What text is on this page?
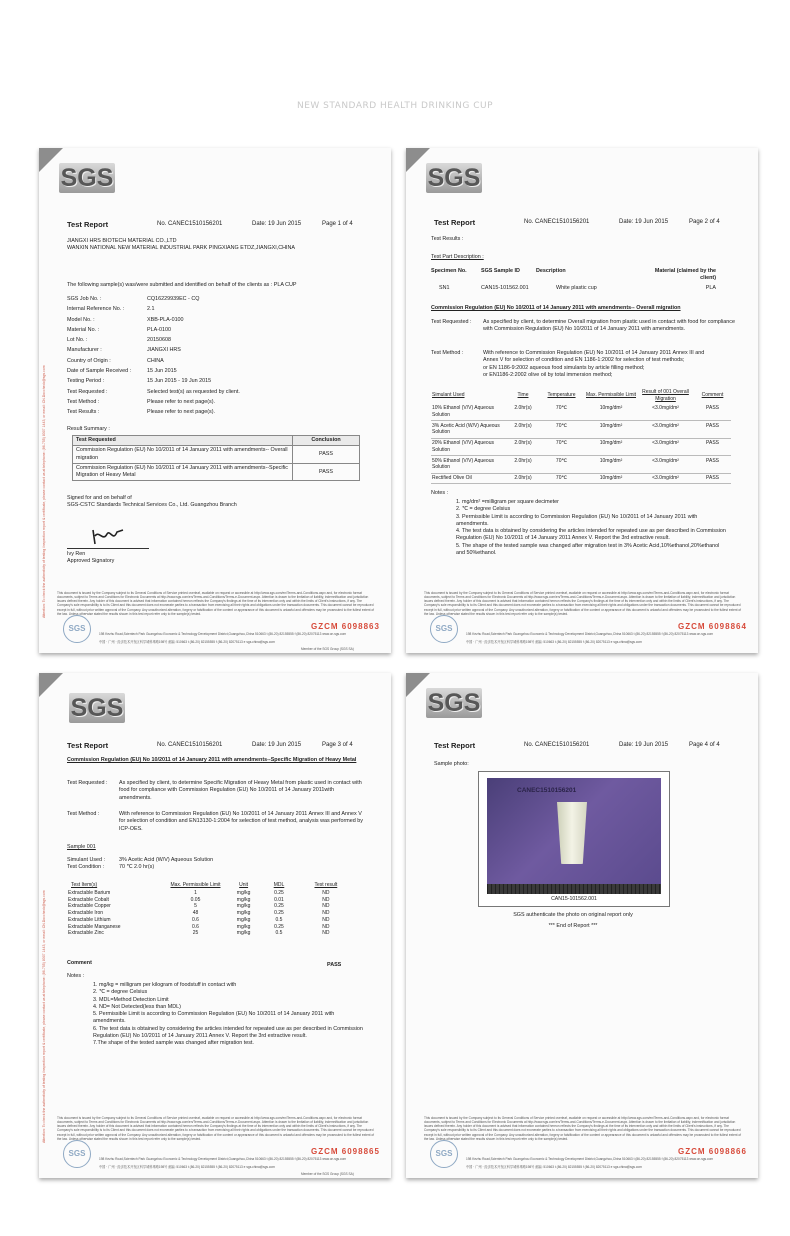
NEW STANDARD HEALTH DRINKING CUP
SGS
Attention: To check the authenticity of testing /inspection report & certificate, please contact us at telephone: (86-755) 8307 1443, or email: CN.Doccheck@sgs.com
Test Report	No. CANEC1510156201	Date: 19 Jun 2015	Page 1 of 4
JIANGXI HRS BIOTECH MATERIAL CO.,LTD
WANXIN NATIONAL NEW MATERIAL INDUSTRIAL PARK PINGXIANG ETDZ,JIANGXI,CHINA
The following sample(s) was/were submitted and identified on behalf of the clients as : PLA CUP
SGS Job No. :	CQ16229939EC - CQ
Internal Reference No. :	2.1
Model No. :	XBB-PLA-0100
Material No. :	PLA-0100
Lot No. :	20150608
Manufacturer :	JIANGXI HRS
Country of Origin :	CHINA
Date of Sample Received :	15 Jun 2015
Testing Period :	15 Jun 2015 - 19 Jun 2015
Test Requested :	Selected test(s) as requested by client.
Test Method :	Please refer to next page(s).
Test Results :	Please refer to next page(s).
Result Summary :
Test Requested	Conclusion
Commission Regulation (EU) No 10/2011 of 14 January 2011 with amendments-- Overall migration	PASS
Commission Regulation (EU) No 10/2011 of 14 January 2011 with amendments--Specific Migration of Heavy Metal	PASS
Signed for and on behalf of
SGS-CSTC Standards Technical Services Co., Ltd. Guangzhou Branch
Ivy Ren
Approved Signatory
This document is issued by the Company subject to its General Conditions of Service printed overleaf, available on request or accessible at http://www.sgs.com/en/Terms-and-Conditions.aspx and, for electronic format documents, subject to Terms and Conditions for Electronic Documents at http://www.sgs.com/en/Terms-and-Conditions/Terms-e-Document.aspx. Attention is drawn to the limitation of liability, indemnification and jurisdiction issues defined therein. Any holder of this document is advised that information contained hereon reflects the Company's findings at the time of its intervention only and within the limits of Client's instructions, if any. The Company's sole responsibility is to its Client and this document does not exonerate parties to a transaction from exercising all their rights and obligations under the transaction documents. This document cannot be reproduced except in full, without prior written approval of the Company. Any unauthorized alteration, forgery or falsification of the content or appearance of this document is unlawful and offenders may be prosecuted to the fullest extent of the law. Unless otherwise stated the results shown in this test report refer only to the sample(s) tested.
SGS	GZCM 6098863
198 Kezhu Road,Scientech Park Guangzhou Economic & Technology Development District,Guangzhou,China 510663 t (86-20) 82155555 f (86-20) 82075113 www.cn.sgs.com
中国 · 广州 · 经济技术开发区科学城科珠路198号 邮编: 510663 t (86-20) 82155555 f (86-20) 82075113 e sgs.china@sgs.com
Member of the SGS Group (SGS SA)
SGS
Test Report	No. CANEC1510156201	Date: 19 Jun 2015	Page 2 of 4
Test Results :
Test Part Description :
Specimen No.	SGS Sample ID	Description	Material (claimed by the client)
SN1	CAN15-101562.001	White plastic cup	PLA
Commission Regulation (EU) No 10/2011 of 14 January 2011 with amendments-- Overall migration
Test Requested :	As specified by client, to determine Overall migration from plastic used in contact with food for compliance with Commission Regulation (EU) No 10/2011 of 14 January 2011 with amendments.
Test Method :	With reference to Commission Regulation (EU) No 10/2011 of 14 January 2011 Annex III and
Annex V for selection of condition and EN 1186-1:2002 for selection of test methods;
or EN 1186-9:2002 aqueous food simulants by article filling method;
or EN1186-2:2002 olive oil by total immersion method;
Simulant Used	Time	Temperature	Max. Permissible Limit	Result of 001 Overall Migration	Comment
10% Ethanol (V/V) Aqueous Solution	2.0hr(s)	70℃	10mg/dm²	<3.0mg/dm²	PASS
3% Acetic Acid (W/V) Aqueous Solution	2.0hr(s)	70℃	10mg/dm²	<3.0mg/dm²	PASS
20% Ethanol (V/V) Aqueous Solution	2.0hr(s)	70℃	10mg/dm²	<3.0mg/dm²	PASS
50% Ethanol (V/V) Aqueous Solution	2.0hr(s)	70℃	10mg/dm²	<3.0mg/dm²	PASS
Rectified Olive Oil	2.0hr(s)	70℃	10mg/dm²	<3.0mg/dm²	PASS
Notes :
1. mg/dm² =milligram per square decimeter
2. ℃ = degree Celsius
3. Permissible Limit is according to Commission Regulation (EU) No 10/2011 of 14 January 2011 with amendments.
4. The test data is obtained by considering the articles intended for repeated use as per described in Commission Regulation (EU) No 10/2011 of 14 January 2011 Annex V. Report the 3rd extractive result.
5. The shape of the tested sample was changed after migration test in 3% Acetic Acid,10%ethanol,20%ethanol and 50%ethanol.
This document is issued by the Company subject to its General Conditions of Service printed overleaf, available on request or accessible at http://www.sgs.com/en/Terms-and-Conditions.aspx and, for electronic format documents, subject to Terms and Conditions for Electronic Documents at http://www.sgs.com/en/Terms-and-Conditions/Terms-e-Document.aspx. Attention is drawn to the limitation of liability, indemnification and jurisdiction issues defined therein. Any holder of this document is advised that information contained hereon reflects the Company's findings at the time of its intervention only and within the limits of Client's instructions, if any. The Company's sole responsibility is to its Client and this document does not exonerate parties to a transaction from exercising all their rights and obligations under the transaction documents. This document cannot be reproduced except in full, without prior written approval of the Company. Any unauthorized alteration, forgery or falsification of the content or appearance of this document is unlawful and offenders may be prosecuted to the fullest extent of the law. Unless otherwise stated the results shown in this test report refer only to the sample(s) tested.
SGS	GZCM 6098864
198 Kezhu Road,Scientech Park Guangzhou Economic & Technology Development District,Guangzhou,China 510663 t (86-20) 82155555 f (86-20) 82075113 www.cn.sgs.com
中国 · 广州 · 经济技术开发区科学城科珠路198号 邮编: 510663 t (86-20) 82155555 f (86-20) 82075113 e sgs.china@sgs.com
SGS
Attention: To check the authenticity of testing /inspection report & certificate, please contact us at telephone: (86-755) 8307 1443, or email: CN.Doccheck@sgs.com
Test Report	No. CANEC1510156201	Date: 19 Jun 2015	Page 3 of 4
Commission Regulation (EU) No 10/2011 of 14 January 2011 with amendments--Specific Migration of Heavy Metal
Test Requested :	As specified by client, to determine Specific Migration of Heavy Metal from plastic used in contact with food for compliance with Commission Regulation (EU) No 10/2011 of 14 January 2011with amendments.
Test Method :	With reference to Commission Regulation (EU) No 10/2011 of 14 January 2011 Annex III and Annex V for selection of condition and EN13130-1:2004 for selection of test method, analysis was performed by ICP-OES.
Sample 001
Simulant Used :	3% Acetic Acid (W/V) Aqueous Solution
Test Condition :	70 ℃ 2.0 hr(s)
Test Item(s)	Max. Permissible Limit	Unit	MDL	Test result
Extractable Barium	1	mg/kg	0.25	ND
Extractable Cobalt	0.05	mg/kg	0.01	ND
Extractable Copper	5	mg/kg	0.25	ND
Extractable Iron	48	mg/kg	0.25	ND
Extractable Lithium	0.6	mg/kg	0.5	ND
Extractable Manganese	0.6	mg/kg	0.25	ND
Extractable Zinc	25	mg/kg	0.5	ND
Comment	PASS
Notes :
1. mg/kg = milligram per kilogram of foodstuff in contact with
2. ℃ = degree Celsius
3. MDL=Method Detection Limit
4. ND= Not Detected(less than MDL)
5. Permissible Limit is according to Commission Regulation (EU) No 10/2011 of 14 January 2011 with amendments.
6. The test data is obtained by considering the articles intended for repeated use as per described in Commission Regulation (EU) No 10/2011 of 14 January 2011 Annex V. Report the 3rd extractive result.
7.The shape of the tested sample was changed after migration test.
This document is issued by the Company subject to its General Conditions of Service printed overleaf, available on request or accessible at http://www.sgs.com/en/Terms-and-Conditions.aspx and, for electronic format documents, subject to Terms and Conditions for Electronic Documents at http://www.sgs.com/en/Terms-and-Conditions/Terms-e-Document.aspx. Attention is drawn to the limitation of liability, indemnification and jurisdiction issues defined therein. Any holder of this document is advised that information contained hereon reflects the Company's findings at the time of its intervention only and within the limits of Client's instructions, if any. The Company's sole responsibility is to its Client and this document does not exonerate parties to a transaction from exercising all their rights and obligations under the transaction documents. This document cannot be reproduced except in full, without prior written approval of the Company. Any unauthorized alteration, forgery or falsification of the content or appearance of this document is unlawful and offenders may be prosecuted to the fullest extent of the law. Unless otherwise stated the results shown in this test report refer only to the sample(s) tested.
SGS	GZCM 6098865
198 Kezhu Road,Scientech Park Guangzhou Economic & Technology Development District,Guangzhou,China 510663 t (86-20) 82155555 f (86-20) 82075113 www.cn.sgs.com
中国 · 广州 · 经济技术开发区科学城科珠路198号 邮编: 510663 t (86-20) 82155555 f (86-20) 82075113 e sgs.china@sgs.com
Member of the SGS Group (SGS SA)
SGS
Test Report	No. CANEC1510156201	Date: 19 Jun 2015	Page 4 of 4
Sample photo:
CANEC1510156201
CAN15-101562.001
SGS authenticate the photo on original report only
*** End of Report ***
This document is issued by the Company subject to its General Conditions of Service printed overleaf, available on request or accessible at http://www.sgs.com/en/Terms-and-Conditions.aspx and, for electronic format documents, subject to Terms and Conditions for Electronic Documents at http://www.sgs.com/en/Terms-and-Conditions/Terms-e-Document.aspx. Attention is drawn to the limitation of liability, indemnification and jurisdiction issues defined therein. Any holder of this document is advised that information contained hereon reflects the Company's findings at the time of its intervention only and within the limits of Client's instructions, if any. The Company's sole responsibility is to its Client and this document does not exonerate parties to a transaction from exercising all their rights and obligations under the transaction documents. This document cannot be reproduced except in full, without prior written approval of the Company. Any unauthorized alteration, forgery or falsification of the content or appearance of this document is unlawful and offenders may be prosecuted to the fullest extent of the law. Unless otherwise stated the results shown in this test report refer only to the sample(s) tested.
SGS	GZCM 6098866
198 Kezhu Road,Scientech Park Guangzhou Economic & Technology Development District,Guangzhou,China 510663 t (86-20) 82155555 f (86-20) 82075113 www.cn.sgs.com
中国 · 广州 · 经济技术开发区科学城科珠路198号 邮编: 510663 t (86-20) 82155555 f (86-20) 82075113 e sgs.china@sgs.com
